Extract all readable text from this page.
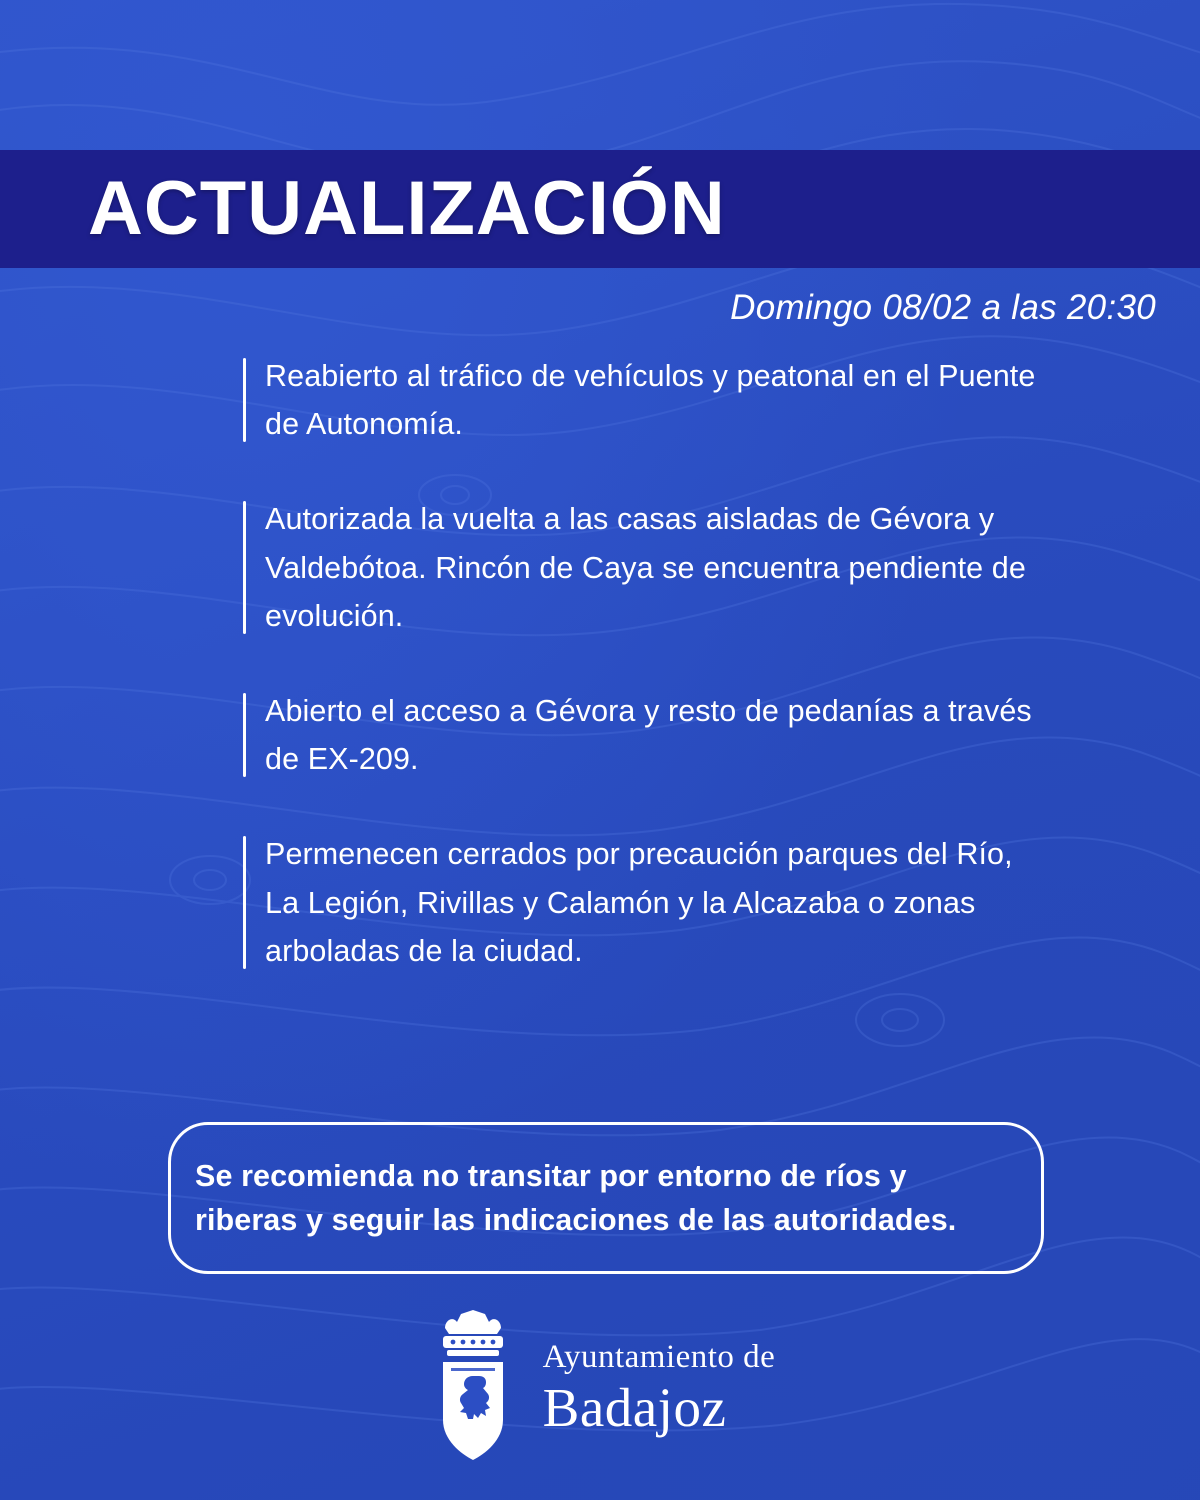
ACTUALIZACIÓN
Domingo 08/02 a las 20:30
Reabierto al tráfico de vehículos y peatonal en el Puente de Autonomía.
Autorizada la vuelta a las casas aisladas de Gévora y Valdebótoa. Rincón de Caya se encuentra pendiente de evolución.
Abierto el acceso a Gévora y resto de pedanías a través de EX-209.
Permenecen cerrados por precaución parques del Río, La Legión, Rivillas y Calamón y la Alcazaba o zonas arboladas de la ciudad.
Se recomienda no transitar por entorno de ríos y riberas y seguir las indicaciones de las autoridades.
Ayuntamiento de
Badajoz
